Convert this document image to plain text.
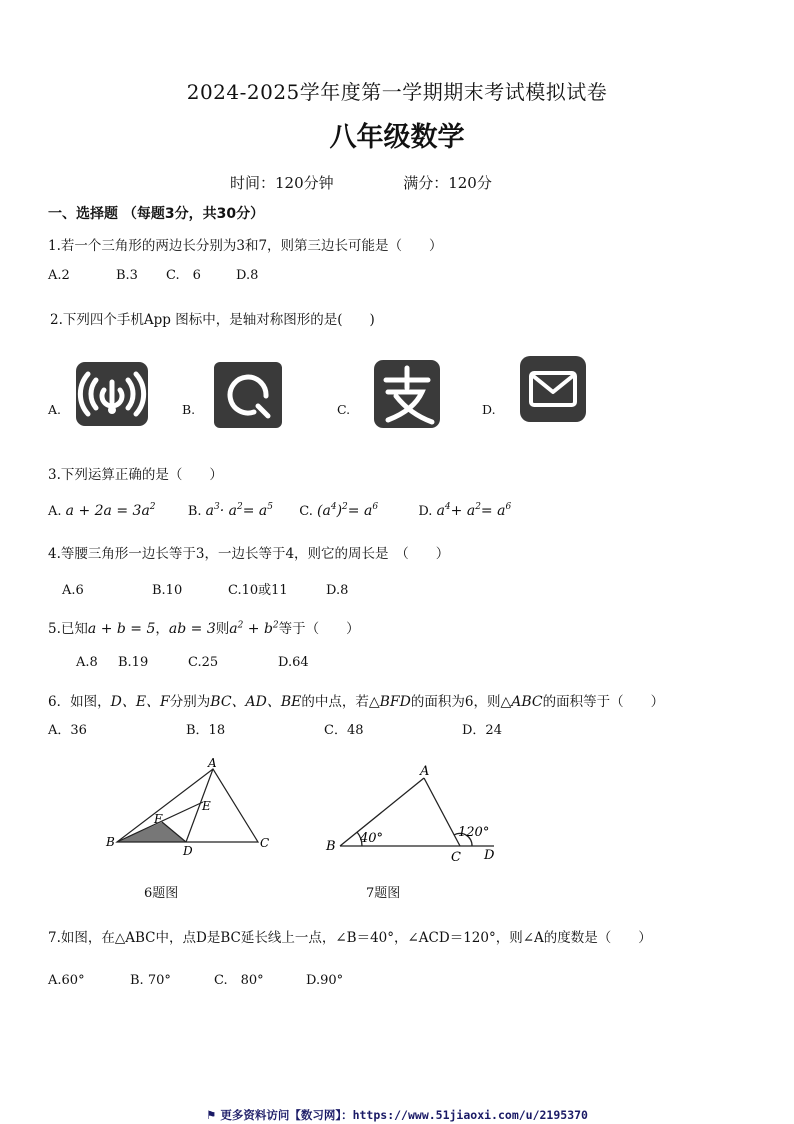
2024-2025学年度第一学期期末考试模拟试卷
八年级数学
时间：120分钟	满分：120分
一、选择题 （每题3分，共30分）
1.若一个三角形的两边长分别为3和7，则第三边长可能是（　　）
A.2	B.3 C.　6	D.8
2.下列四个手机App 图标中，是轴对称图形的是(　　)
A.	B.	C.	D.
3.下列运算正确的是（　　）
A. $a + 2a = 3a^2$ B. $a^3\cdot a^2= a^5$ C. $(a^4)^2= a^6$	D. $a^4+ a^2= a^6$
4.等腰三角形一边长等于3，一边长等于4，则它的周长是　（　　）
A.6	B.10	C.10或11	D.8
5.已知a + b = 5，ab = 3则$a^2 + b^2$等于（　　）
A.8 B.19	C.25	D.64
6．如图，D、E、F分别为BC、AD、BE的中点，若△BFD的面积为6，则△ABC的面积等于（　　）
A．36	B．18	C．48	D．24
A
E
F
B
D
C
6题图
A
B
C D
40°	120°
7题图
7.如图，在△ABC中，点D是BC延长线上一点，∠B＝40°，∠ACD＝120°，则∠A的度数是（　　）
A.60°	B. 70°	C.　80°	D.90°
⚑ 更多资料访问【数习网】：https://www.51jiaoxi.com/u/2195370
